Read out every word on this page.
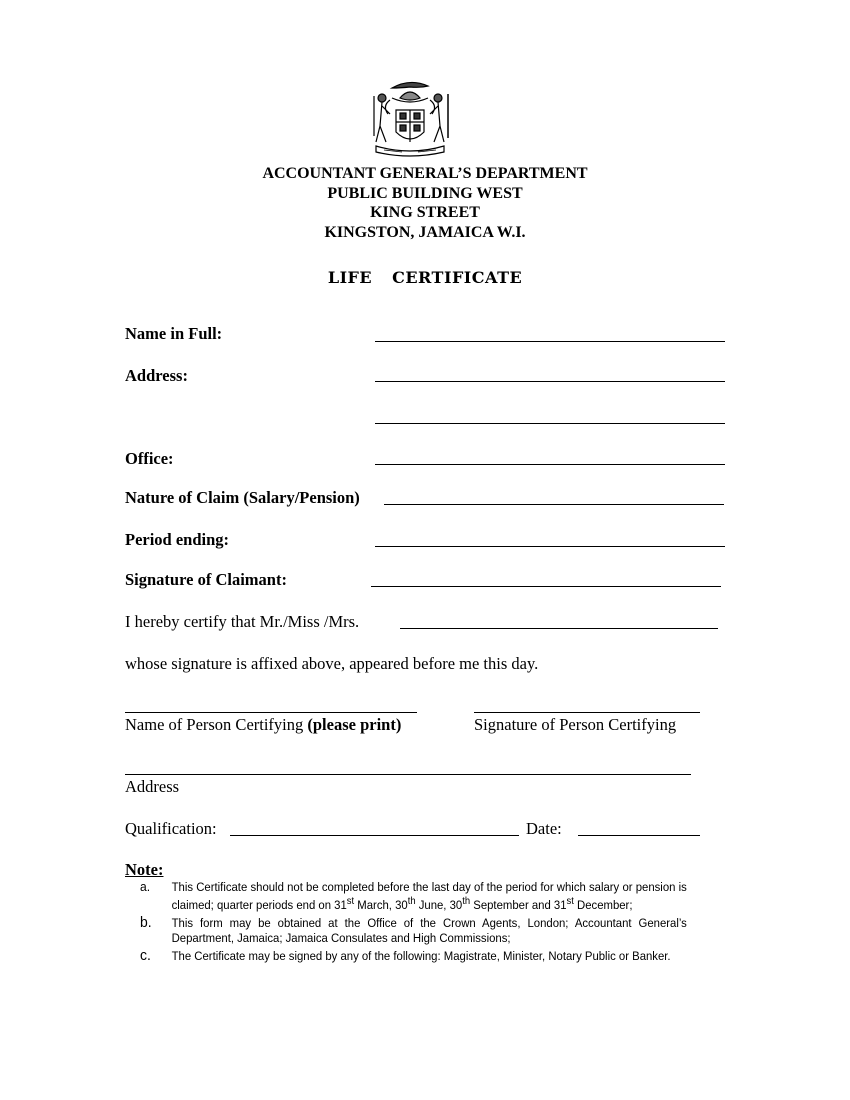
ACCOUNTANT GENERAL’S DEPARTMENT
PUBLIC BUILDING WEST
KING STREET
KINGSTON, JAMAICA W.I.
LIFE CERTIFICATE
Name in Full:
Address:
Office:
Nature of Claim (Salary/Pension)
Period ending:
Signature of Claimant:
I hereby certify that Mr./Miss /Mrs.
whose signature is affixed above, appeared before me this day.
Name of Person Certifying (please print)	Signature of Person Certifying
Address
Qualification:	Date:
Note:
a.	This Certificate should not be completed before the last day of the period for which salary or pension is claimed; quarter periods end on 31st March, 30th June, 30th September and 31st December;
b.	This form may be obtained at the Office of the Crown Agents, London; Accountant General’s Department, Jamaica; Jamaica Consulates and High Commissions;
c.	The Certificate may be signed by any of the following: Magistrate, Minister, Notary Public or Banker.
